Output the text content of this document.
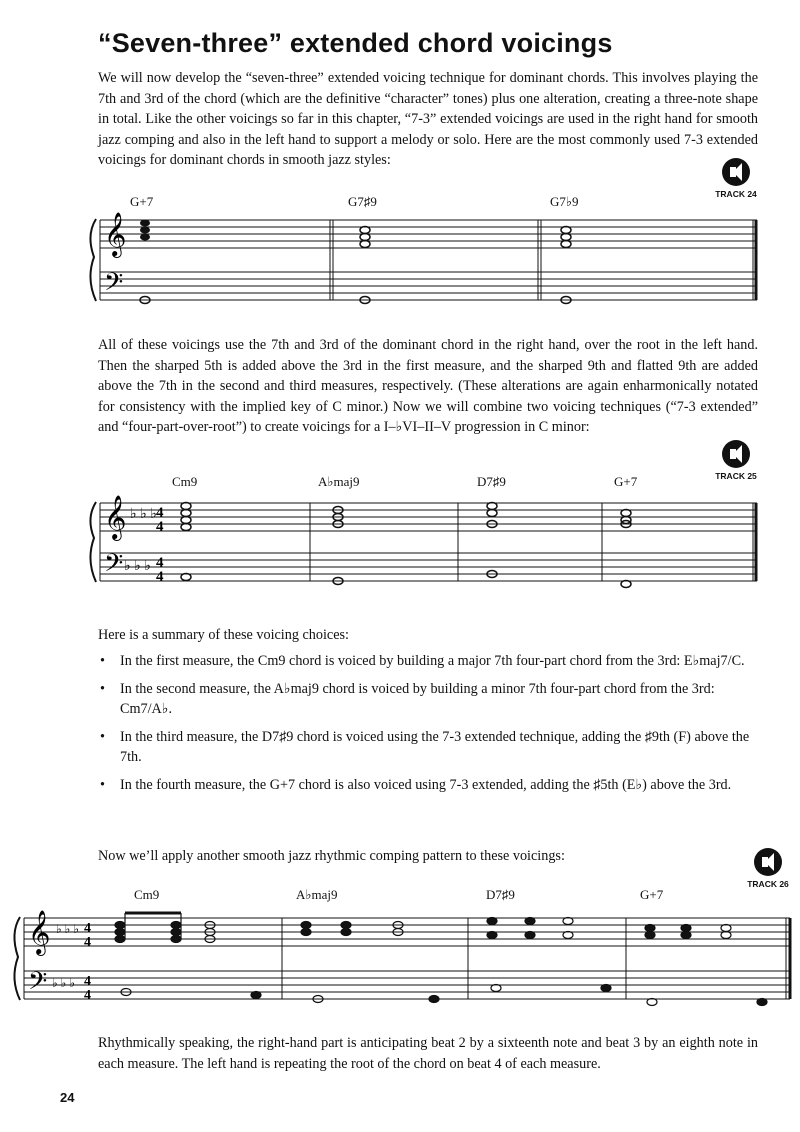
“Seven-three” extended chord voicings

We will now develop the “seven-three” extended voicing technique for dominant chords. This involves playing the 7th and 3rd of the chord (which are the definitive “character” tones) plus one alteration, creating a three-note shape in total. Like the other voicings so far in this chapter, “7-3” extended voicings are used in the right hand for smooth jazz comping and also in the left hand to support a melody or solo. Here are the most commonly used 7-3 extended voicings for dominant chords in smooth jazz styles:

TRACK 24
G+7	G7♯9	G7♭9
𝄞
𝄢

All of these voicings use the 7th and 3rd of the dominant chord in the right hand, over the root in the left hand. Then the sharped 5th is added above the 3rd in the first measure, and the sharped 9th and flatted 9th are added above the 7th in the second and third measures, respectively. (These alterations are again enharmonically notated for consistency with the implied key of C minor.) Now we will combine two voicing techniques (“7-3 extended” and “four-part-over-root”) to create voicings for a I–♭VI–II–V progression in C minor:

TRACK 25
Cm9	A♭maj9	D7♯9	G+7
𝄞
𝄢
♭ ♭ ♭
♭ ♭ ♭
4
4
4
4

Here is a summary of these voicing choices:

• In the first measure, the Cm9 chord is voiced by building a major 7th four-part chord from the 3rd: E♭maj7/C.
• In the second measure, the A♭maj9 chord is voiced by building a minor 7th four-part chord from the 3rd: Cm7/A♭.
• In the third measure, the D7♯9 chord is voiced using the 7-3 extended technique, adding the ♯9th (F) above the 7th.
• In the fourth measure, the G+7 chord is also voiced using 7-3 extended, adding the ♯5th (E♭) above the 3rd.

Now we’ll apply another smooth jazz rhythmic comping pattern to these voicings:

TRACK 26
Cm9	A♭maj9	D7♯9	G+7
𝄞
𝄢
♭ ♭ ♭
♭ ♭ ♭
4
4
4
4

Rhythmically speaking, the right-hand part is anticipating beat 2 by a sixteenth note and beat 3 by an eighth note in each measure. The left hand is repeating the root of the chord on beat 4 of each measure.

24
